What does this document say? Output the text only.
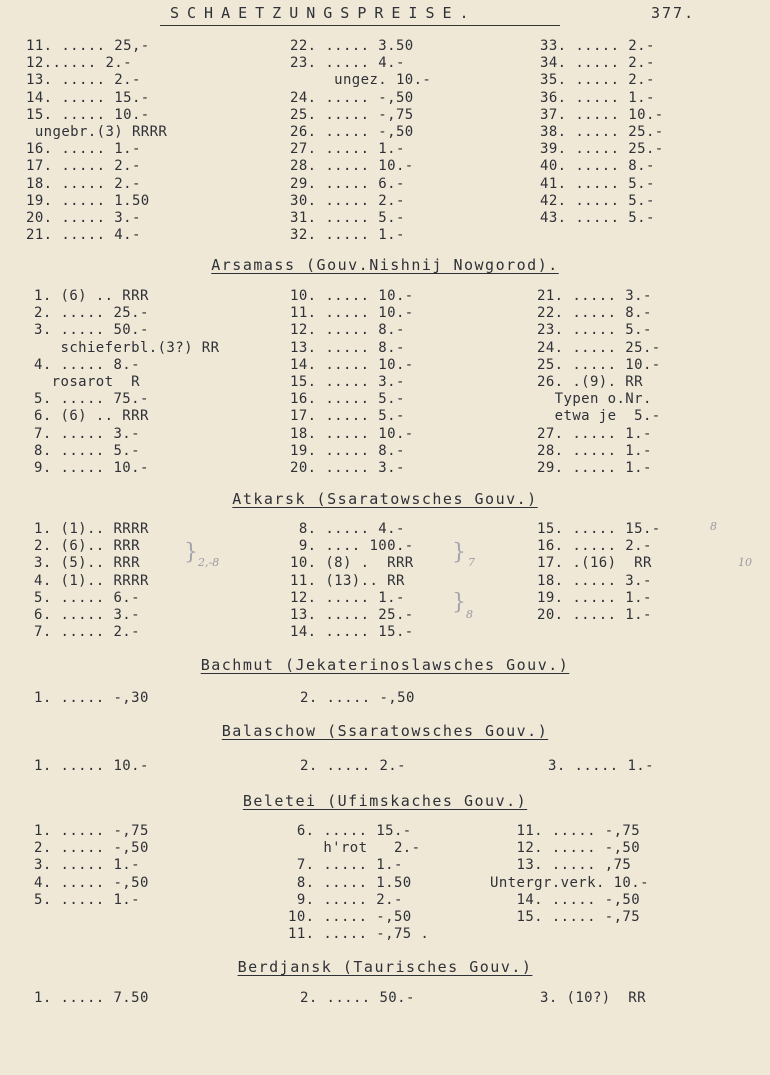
SCHAETZUNGSPREISE.	377.
11. ..... 25,-
12...... 2.-
13. ..... 2.-
14. ..... 15.-
15. ..... 10.-
ungebr.(3) RRRR
16. ..... 1.-
17. ..... 2.-
18. ..... 2.-
19. ..... 1.50
20. ..... 3.-
21. ..... 4.-
22. ..... 3.50
23. ..... 4.-
ungez. 10.-
24. ..... -,50
25. ..... -,75
26. ..... -,50
27. ..... 1.-
28. ..... 10.-
29. ..... 6.-
30. ..... 2.-
31. ..... 5.-
32. ..... 1.-
33. ..... 2.-
34. ..... 2.-
35. ..... 2.-
36. ..... 1.-
37. ..... 10.-
38. ..... 25.-
39. ..... 25.-
40. ..... 8.-
41. ..... 5.-
42. ..... 5.-
43. ..... 5.-
Arsamass (Gouv.Nishnij Nowgorod).
1. (6) .. RRR
2. ..... 25.-
3. ..... 50.-
schieferbl.(3?) RR
4. ..... 8.-
rosarot  R
5. ..... 75.-
6. (6) .. RRR
7. ..... 3.-
8. ..... 5.-
9. ..... 10.-
10. ..... 10.-
11. ..... 10.-
12. ..... 8.-
13. ..... 8.-
14. ..... 10.-
15. ..... 3.-
16. ..... 5.-
17. ..... 5.-
18. ..... 10.-
19. ..... 8.-
20. ..... 3.-
21. ..... 3.-
22. ..... 8.-
23. ..... 5.-
24. ..... 25.-
25. ..... 10.-
26. .(9). RR
Typen o.Nr.
etwa je  5.-
27. ..... 1.-
28. ..... 1.-
29. ..... 1.-
Atkarsk (Ssaratowsches Gouv.)
1. (1).. RRRR
2. (6).. RRR
3. (5).. RRR
4. (1).. RRRR
5. ..... 6.-
6. ..... 3.-
7. ..... 2.-
8. ..... 4.-
9. .... 100.-
10. (8) .  RRR
11. (13).. RR
12. ..... 1.-
13. ..... 25.-
14. ..... 15.-
15. ..... 15.-
16. ..... 2.-
17. .(16)  RR
18. ..... 3.-
19. ..... 1.-
20. ..... 1.-
Bachmut (Jekaterinoslawsches Gouv.)
1. ..... -,30	2. ..... -,50
Balaschow (Ssaratowsches Gouv.)
1. ..... 10.-	2. ..... 2.-	3. ..... 1.-
Beletei (Ufimskaches Gouv.)
1. ..... -,75
2. ..... -,50
3. ..... 1.-
4. ..... -,50
5. ..... 1.-
6. ..... 15.-
h'rot   2.-
7. ..... 1.-
8. ..... 1.50
9. ..... 2.-
10. ..... -,50
11. ..... -,75 .
11. ..... -,75
12. ..... -,50
13. ..... ,75
Untergr.verk. 10.-
14. ..... -,50
15. ..... -,75
Berdjansk (Taurisches Gouv.)
1. ..... 7.50	2. ..... 50.-	3. (10?)  RR
} 2,-8	} 7
} 8
8
10
